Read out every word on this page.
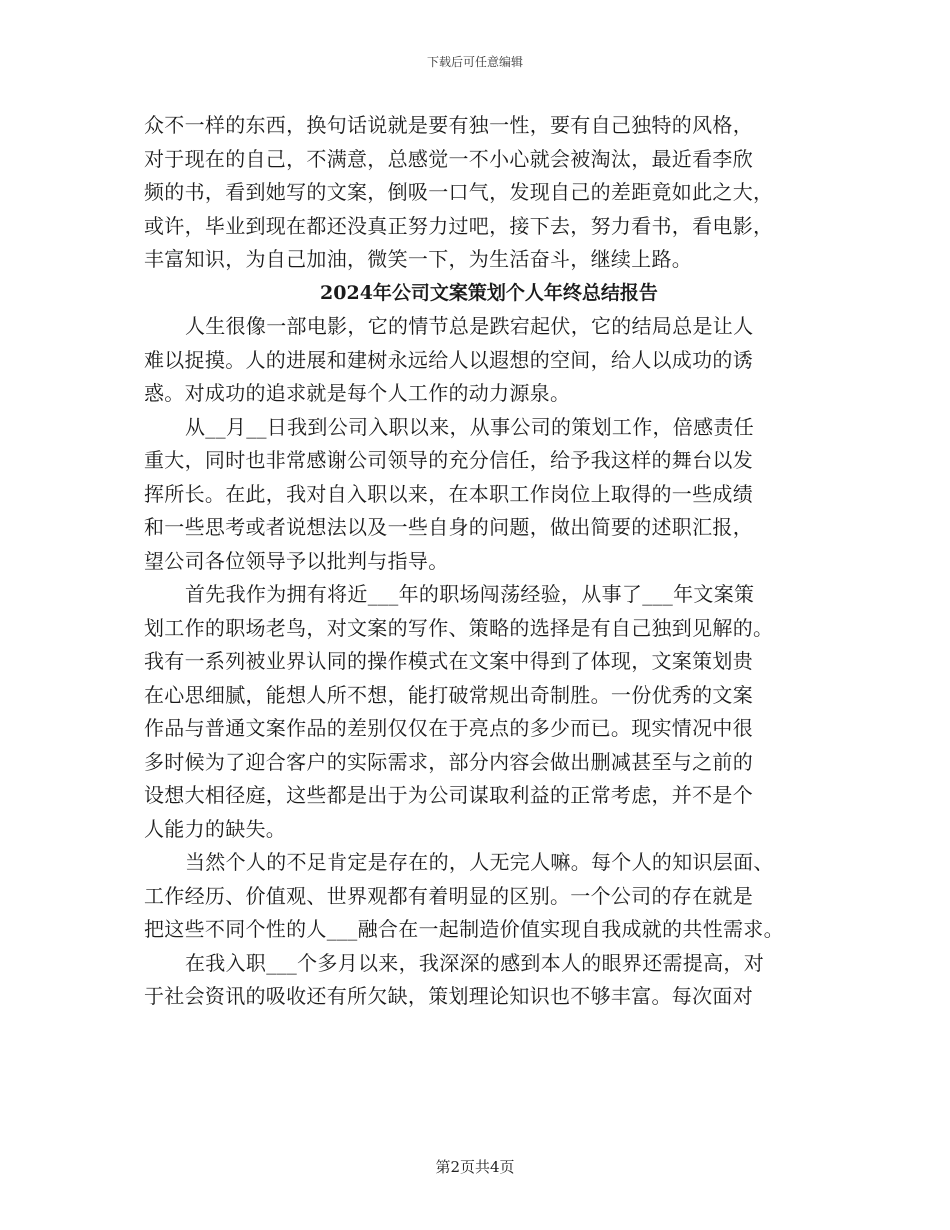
下载后可任意编辑
众不一样的东西，换句话说就是要有独一性，要有自己独特的风格，
对于现在的自己，不满意，总感觉一不小心就会被淘汰，最近看李欣
频的书，看到她写的文案，倒吸一口气，发现自己的差距竟如此之大，
或许，毕业到现在都还没真正努力过吧，接下去，努力看书，看电影，
丰富知识，为自己加油，微笑一下，为生活奋斗，继续上路。
2024年公司文案策划个人年终总结报告
人生很像一部电影，它的情节总是跌宕起伏，它的结局总是让人
难以捉摸。人的进展和建树永远给人以遐想的空间，给人以成功的诱
惑。对成功的追求就是每个人工作的动力源泉。
从__月__日我到公司入职以来，从事公司的策划工作，倍感责任
重大，同时也非常感谢公司领导的充分信任，给予我这样的舞台以发
挥所长。在此，我对自入职以来，在本职工作岗位上取得的一些成绩
和一些思考或者说想法以及一些自身的问题，做出简要的述职汇报，
望公司各位领导予以批判与指导。
首先我作为拥有将近___年的职场闯荡经验，从事了___年文案策
划工作的职场老鸟，对文案的写作、策略的选择是有自己独到见解的。
我有一系列被业界认同的操作模式在文案中得到了体现，文案策划贵
在心思细腻，能想人所不想，能打破常规出奇制胜。一份优秀的文案
作品与普通文案作品的差别仅仅在于亮点的多少而已。现实情况中很
多时候为了迎合客户的实际需求，部分内容会做出删减甚至与之前的
设想大相径庭，这些都是出于为公司谋取利益的正常考虑，并不是个
人能力的缺失。
当然个人的不足肯定是存在的，人无完人嘛。每个人的知识层面、
工作经历、价值观、世界观都有着明显的区别。一个公司的存在就是
把这些不同个性的人___融合在一起制造价值实现自我成就的共性需求。
在我入职___个多月以来，我深深的感到本人的眼界还需提高，对
于社会资讯的吸收还有所欠缺，策划理论知识也不够丰富。每次面对
第2页共4页
